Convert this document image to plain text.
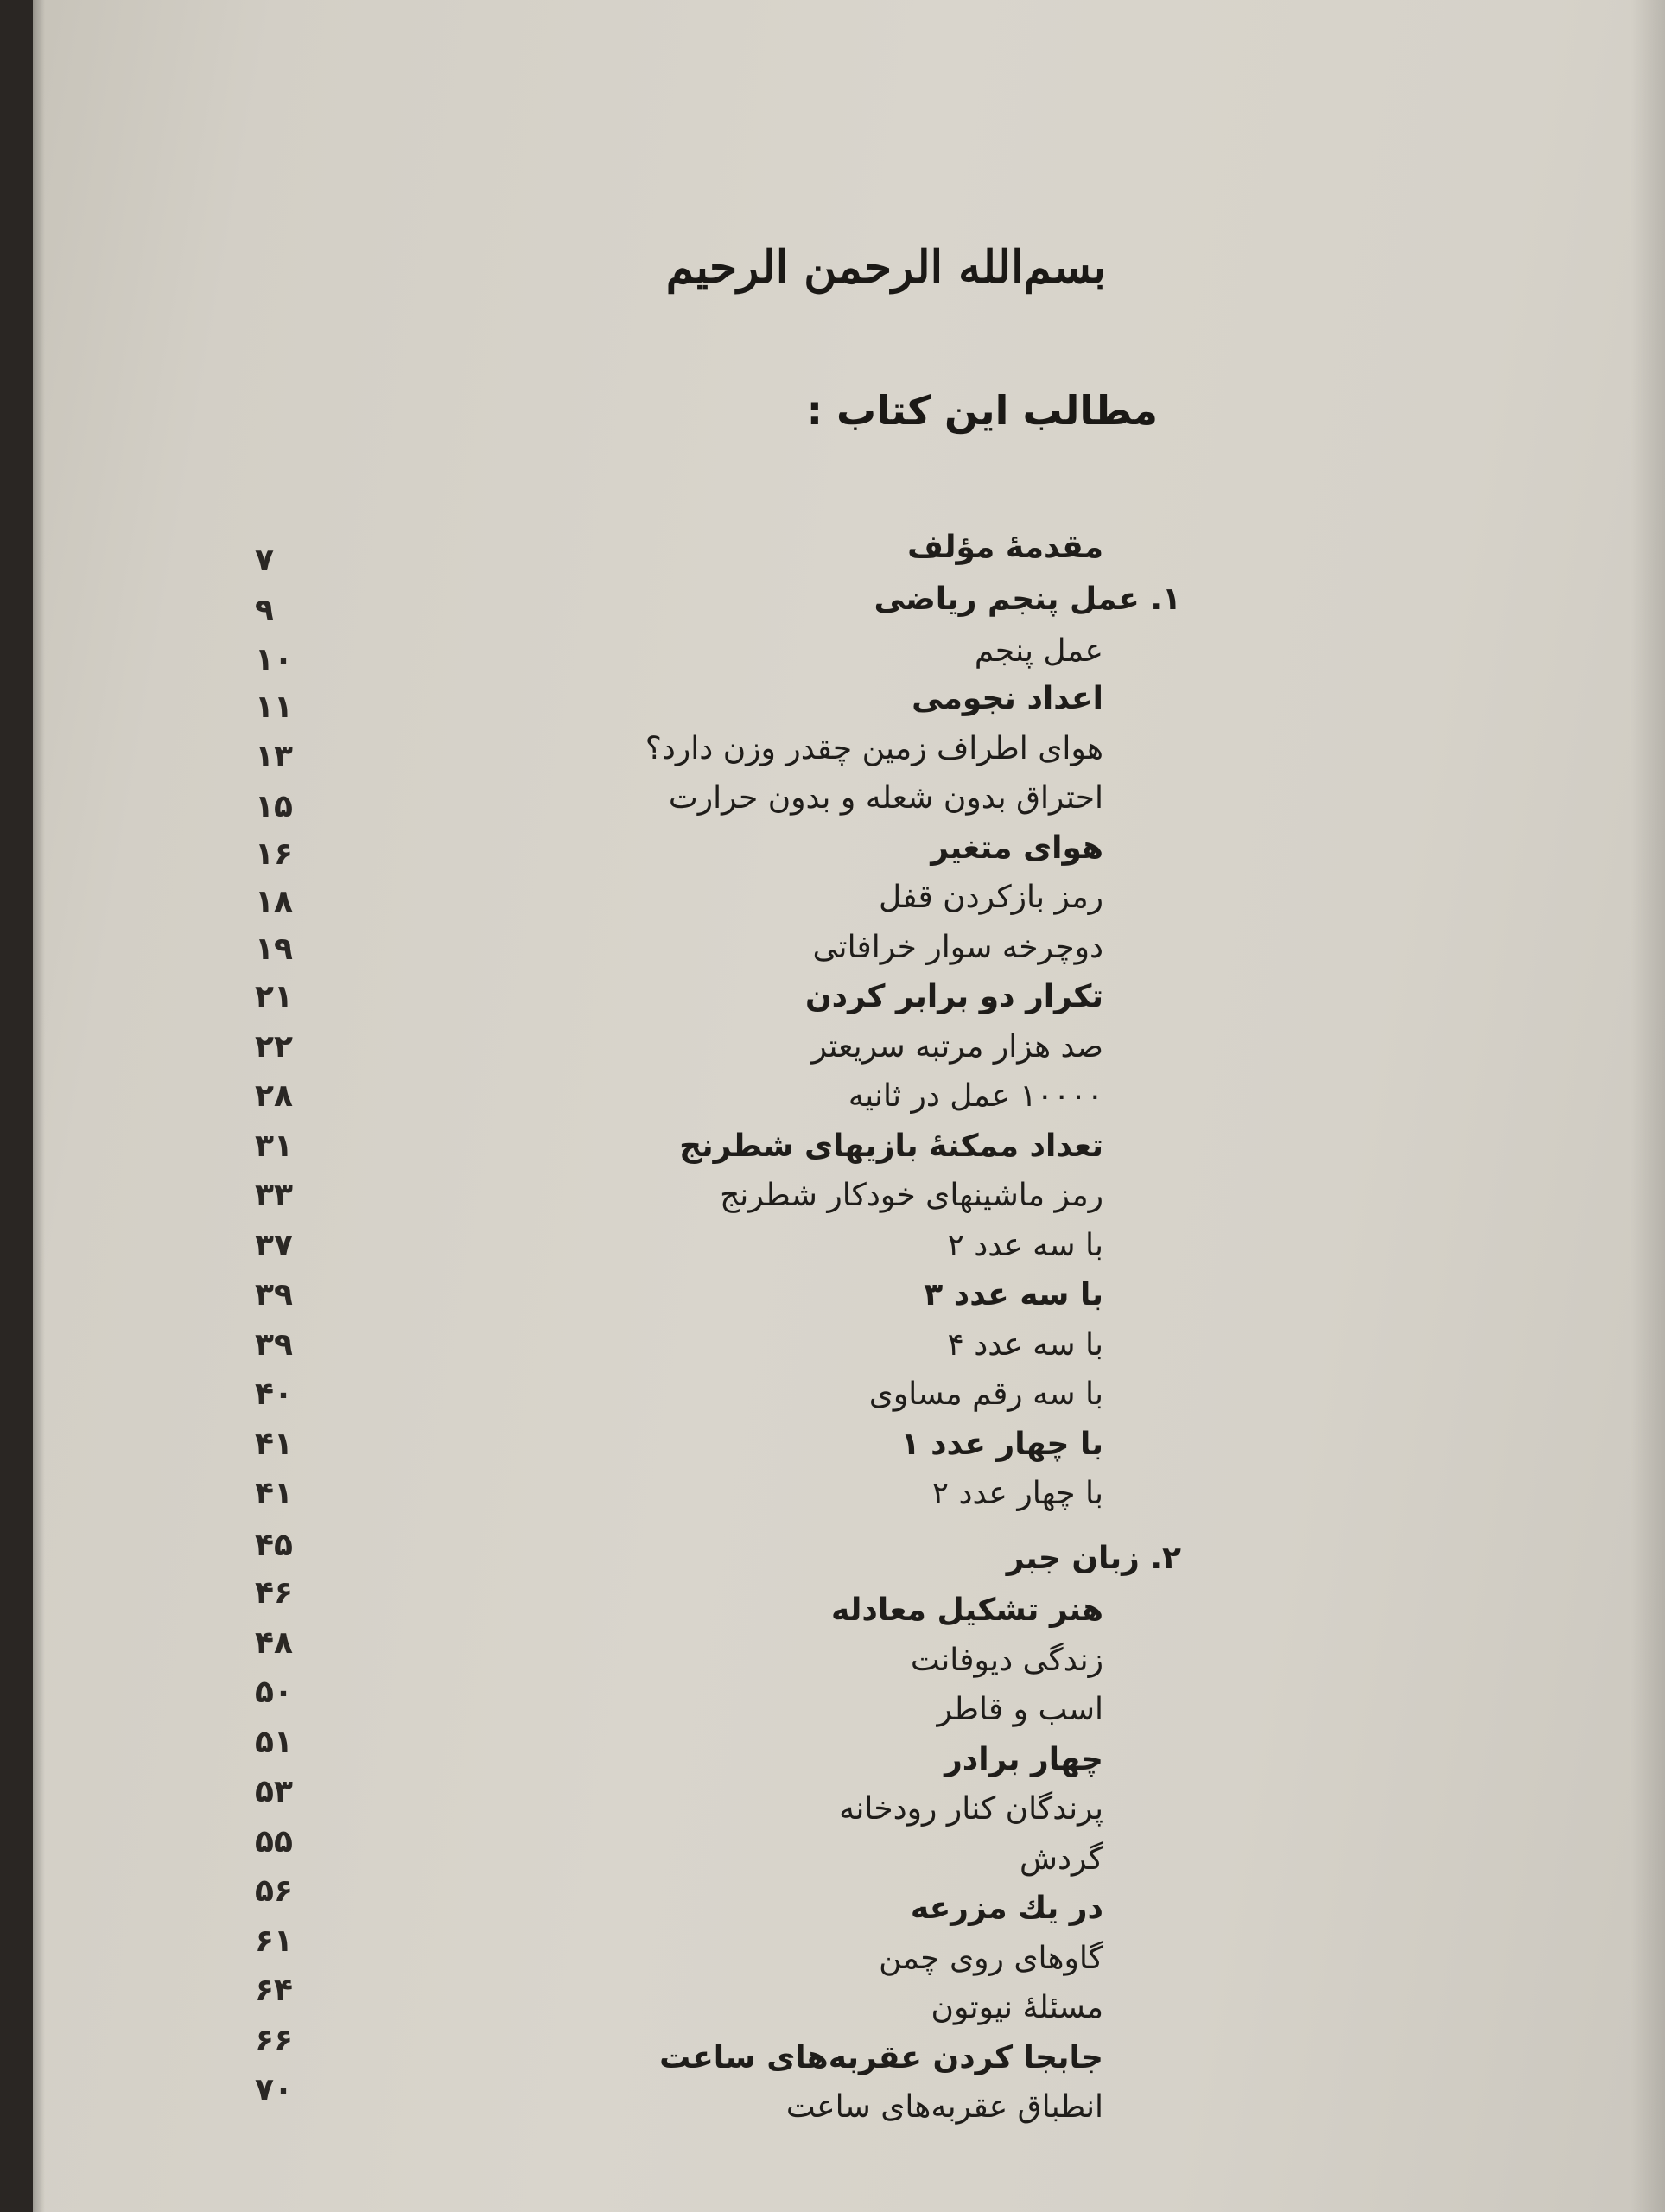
بسم‌الله الرحمن الرحیم
مطالب این کتاب :
مقدمهٔ مؤلف
۱. عمل پنجم ریاضی
عمل پنجم
اعداد نجومی
هوای اطراف زمین چقدر وزن دارد؟
احتراق بدون شعله و بدون حرارت
هوای متغیر
رمز بازکردن قفل
دوچرخه سوار خرافاتی
تکرار دو برابر کردن
صد هزار مرتبه سریعتر
۱۰۰۰۰ عمل در ثانیه
تعداد ممکنهٔ بازیهای شطرنج
رمز ماشینهای خودکار شطرنج
با سه عدد ۲
با سه عدد ۳
با سه عدد ۴
با سه رقم مساوی
با چهار عدد ۱
با چهار عدد ۲
۲. زبان جبر
هنر تشکیل معادله
زندگی دیوفانت
اسب و قاطر
چهار برادر
پرندگان کنار رودخانه
گردش
در یك مزرعه
گاوهای روی چمن
مسئلهٔ نیوتون
جابجا کردن عقربه‌های ساعت
انطباق عقربه‌های ساعت
۷
۹
۱۰
۱۱
۱۳
۱۵
۱۶
۱۸
۱۹
۲۱
۲۲
۲۸
۳۱
۳۳
۳۷
۳۹
۳۹
۴۰
۴۱
۴۱
۴۵
۴۶
۴۸
۵۰
۵۱
۵۳
۵۵
۵۶
۶۱
۶۴
۶۶
۷۰
